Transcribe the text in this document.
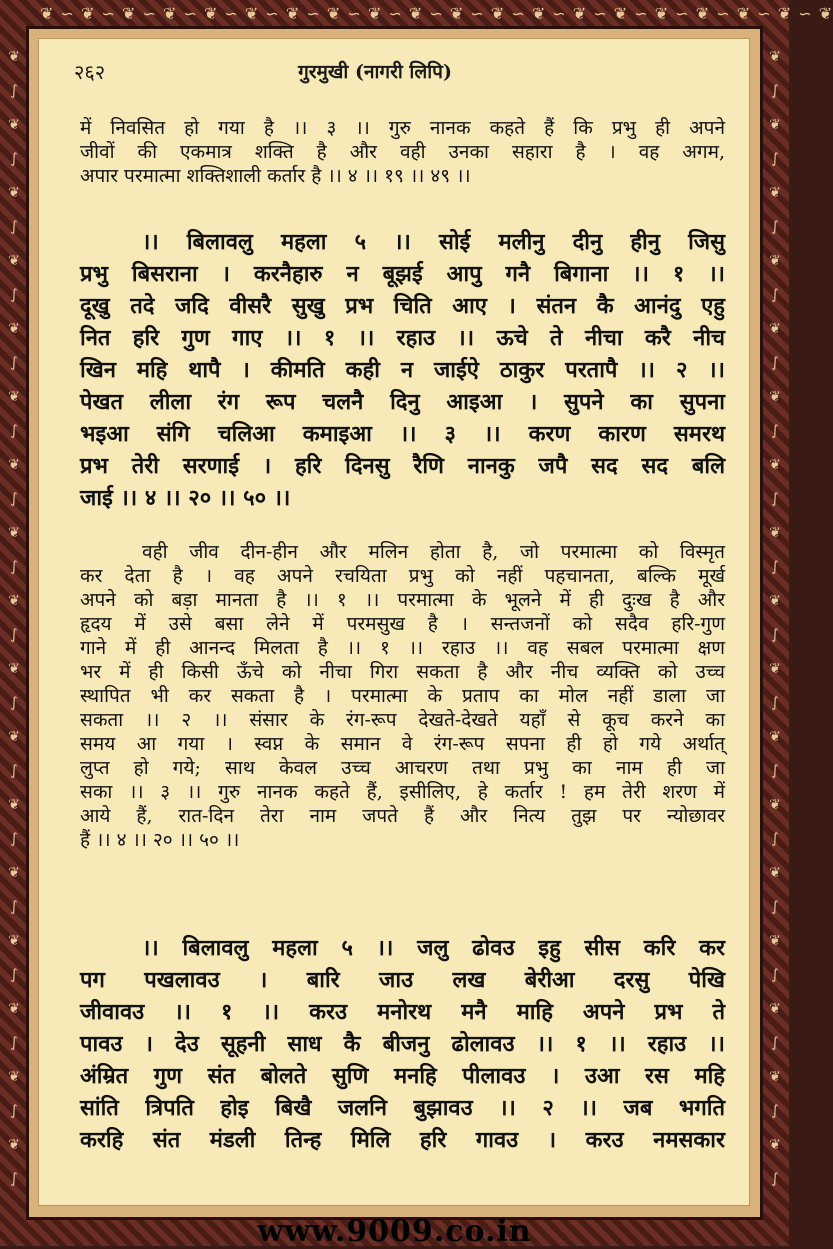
❦ ∽ ❦ ∽ ❦ ∽ ❦ ∽ ❦ ∽ ❦ ∽ ❦ ∽ ❦ ∽ ❦ ∽ ❦ ∽ ❦ ∽ ❦ ∽ ❦ ∽ ❦ ∽ ❦ ∽ ❦ ∽ ❦ ∽ ❦ ∽ ❦ ∽ ❦
❦
∫
❦
∫
❦
∫
❦
∫
❦
∫
❦
∫
❦
∫
❦
∫
❦
∫
❦
∫
❦
∫
❦
∫
❦
∫
❦
∫
❦
∫
❦
∫
❦
∫
❦
∫
❦
∫
❦
∫
❦
∫
❦
∫
❦
∫
❦
∫
❦
∫
❦
∫
❦
∫
❦
∫
❦
∫
❦
∫
❦
∫
❦
∫
❦
∫
❦
∫
२६२	गुरमुखी (नागरी लिपि)
में निवसित हो गया है ।। ३ ।। गुरु नानक कहते हैं कि प्रभु ही अपने
जीवों की एकमात्र शक्ति है और वही उनका सहारा है । वह अगम,
अपार परमात्मा शक्तिशाली कर्तार है ।। ४ ।। १९ ।। ४९ ।।
।। बिलावलु महला ५ ।। सोई मलीनु दीनु हीनु जिसु
प्रभु बिसराना । करनैहारु न बूझई आपु गनै बिगाना ।। १ ।।
दूखु तदे जदि वीसरै सुखु प्रभ चिति आए । संतन कै आनंदु एहु
नित हरि गुण गाए ।। १ ।। रहाउ ।। ऊचे ते नीचा करै नीच
खिन महि थापै । कीमति कही न जाईऐ ठाकुर परतापै ।। २ ।।
पेखत लीला रंग रूप चलनै दिनु आइआ । सुपने का सुपना
भइआ संगि चलिआ कमाइआ ।। ३ ।। करण कारण समरथ
प्रभ तेरी सरणाई । हरि दिनसु रैणि नानकु जपै सद सद बलि
जाई ।। ४ ।। २० ।। ५० ।।
वही जीव दीन-हीन और मलिन होता है, जो परमात्मा को विस्मृत
कर देता है । वह अपने रचयिता प्रभु को नहीं पहचानता, बल्कि मूर्ख
अपने को बड़ा मानता है ।। १ ।। परमात्मा के भूलने में ही दुःख है और
हृदय में उसे बसा लेने में परमसुख है । सन्तजनों को सदैव हरि-गुण
गाने में ही आनन्द मिलता है ।। १ ।। रहाउ ।। वह सबल परमात्मा क्षण
भर में ही किसी ऊँचे को नीचा गिरा सकता है और नीच व्यक्ति को उच्च
स्थापित भी कर सकता है । परमात्मा के प्रताप का मोल नहीं डाला जा
सकता ।। २ ।। संसार के रंग-रूप देखते-देखते यहाँ से कूच करने का
समय आ गया । स्वप्न के समान वे रंग-रूप सपना ही हो गये अर्थात्
लुप्त हो गये; साथ केवल उच्च आचरण तथा प्रभु का नाम ही जा
सका ।। ३ ।। गुरु नानक कहते हैं, इसीलिए, हे कर्तार ! हम तेरी शरण में
आये हैं, रात-दिन तेरा नाम जपते हैं और नित्य तुझ पर न्योछावर
हैं ।। ४ ।। २० ।। ५० ।।
।। बिलावलु महला ५ ।। जलु ढोवउ इहु सीस करि कर
पग पखलावउ । बारि जाउ लख बेरीआ दरसु पेखि
जीवावउ ।। १ ।। करउ मनोरथ मनै माहि अपने प्रभ ते
पावउ । देउ सूहनी साध कै बीजनु ढोलावउ ।। १ ।। रहाउ ।।
अंम्रित गुण संत बोलते सुणि मनहि पीलावउ । उआ रस महि
सांति त्रिपति होइ बिखै जलनि बुझावउ ।। २ ।। जब भगति
करहि संत मंडली तिन्ह मिलि हरि गावउ । करउ नमसकार
www.9009.co.in
